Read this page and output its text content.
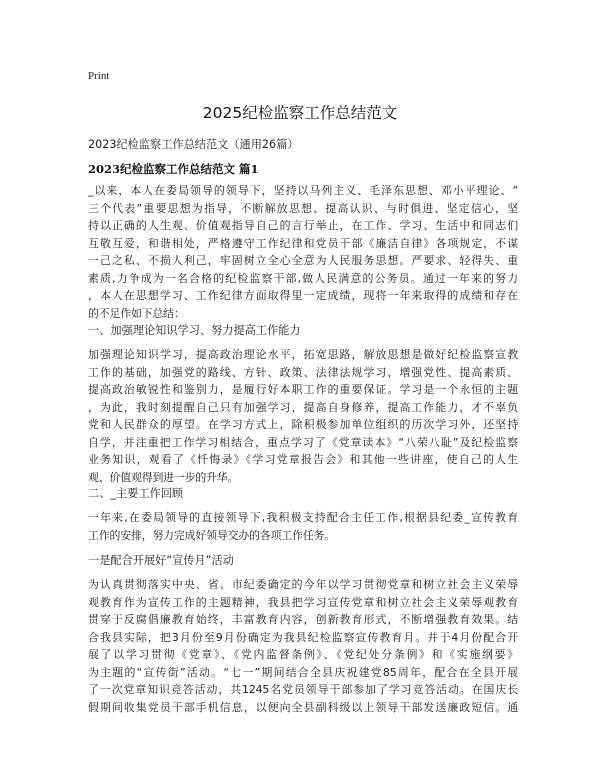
Print
2025纪检监察工作总结范文
2023纪检监察工作总结范文（通用26篇）
2023纪检监察工作总结范文 篇1
_以来，本人在委局领导的领导下，坚持以马列主义、毛泽东思想、邓小平理论、“
三个代表”重要思想为指导，不断解放思想、提高认识、与时俱进、坚定信心，坚
持以正确的人生观、价值观指导自己的言行举止，在工作、学习、生活中和同志们
互敬互爱，和谐相处，严格遵守工作纪律和党员干部《廉洁自律》各项规定，不谋
一己之私、不损人利己，牢固树立全心全意为人民服务思想。严要求、轻得失、重
素质,力争成为一名合格的纪检监察干部,做人民满意的公务员。通过一年来的努力
，本人在思想学习、工作纪律方面取得里一定成绩，现将一年来取得的成绩和存在
的不足作如下总结：
一、加强理论知识学习、努力提高工作能力
加强理论知识学习，提高政治理论水平，拓宽思路，解放思想是做好纪检监察宣教
工作的基础，加强党的路线、方针、政策、法律法规学习，增强党性、提高素质、
提高政治敏锐性和鉴别力，是履行好本职工作的重要保证。学习是一个永恒的主题
，为此，我时刻提醒自己只有加强学习，提高自身修养，提高工作能力，才不辜负
党和人民群众的厚望。在学习方式上，除积极参加单位组织的历次学习外，还坚持
自学，并注重把工作学习相结合，重点学习了《党章读本》“八荣八耻”及纪检监察
业务知识，观看了《忏悔录》《学习党章报告会》和其他一些讲座，使自己的人生
观、价值观得到进一步的升华。
二、_主要工作回顾
一年来,在委局领导的直接领导下,我积极支持配合主任工作,根据县纪委_宣传教育
工作的安排，努力完成好领导交办的各项工作任务。
一是配合开展好“宣传月”活动
为认真贯彻落实中央、省、市纪委确定的今年以学习贯彻党章和树立社会主义荣辱
观教育作为宣传工作的主题精神，我县把学习宣传党章和树立社会主义荣辱观教育
贯穿于反腐倡廉教育始终，丰富教育内容，创新教育形式，不断增强教育效果。结
合我县实际，把3月份至9月份确定为我县纪检监察宣传教育月。并于4月份配合开
展了以学习贯彻《党章》、《党内监督条例》、《党纪处分条例》和《实施纲要》
为主题的“宣传街”活动。“七一”期间结合全县庆祝建党85周年，配合在全县开展
了一次党章知识竞答活动，共1245名党员领导干部参加了学习竞答活动。在国庆长
假期间收集党员干部手机信息，以便向全县副科级以上领导干部发送廉政短信。通
